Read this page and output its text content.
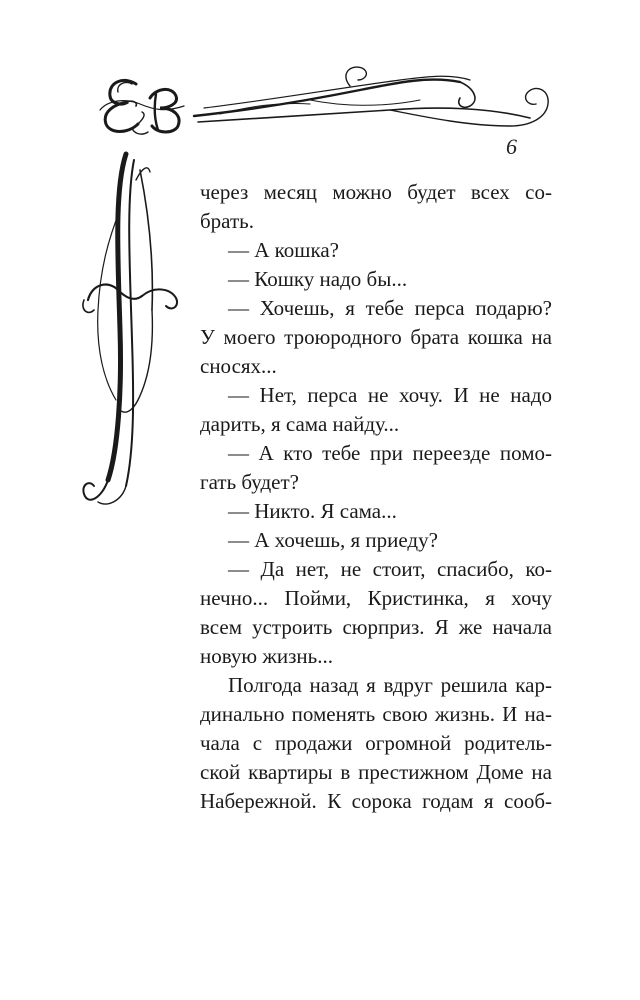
6
через месяц можно будет всех со-
брать.
— А кошка?
— Кошку надо бы...
— Хочешь, я тебе перса подарю?
У моего троюродного брата кошка на
сносях...
— Нет, перса не хочу. И не надо
дарить, я сама найду...
— А кто тебе при переезде помо-
гать будет?
— Никто. Я сама...
— А хочешь, я приеду?
— Да нет, не стоит, спасибо, ко-
нечно... Пойми, Кристинка, я хочу
всем устроить сюрприз. Я же начала
новую жизнь...
Полгода назад я вдруг решила кар-
динально поменять свою жизнь. И на-
чала с продажи огромной родитель-
ской квартиры в престижном Доме на
Набережной. К сорока годам я сооб-
